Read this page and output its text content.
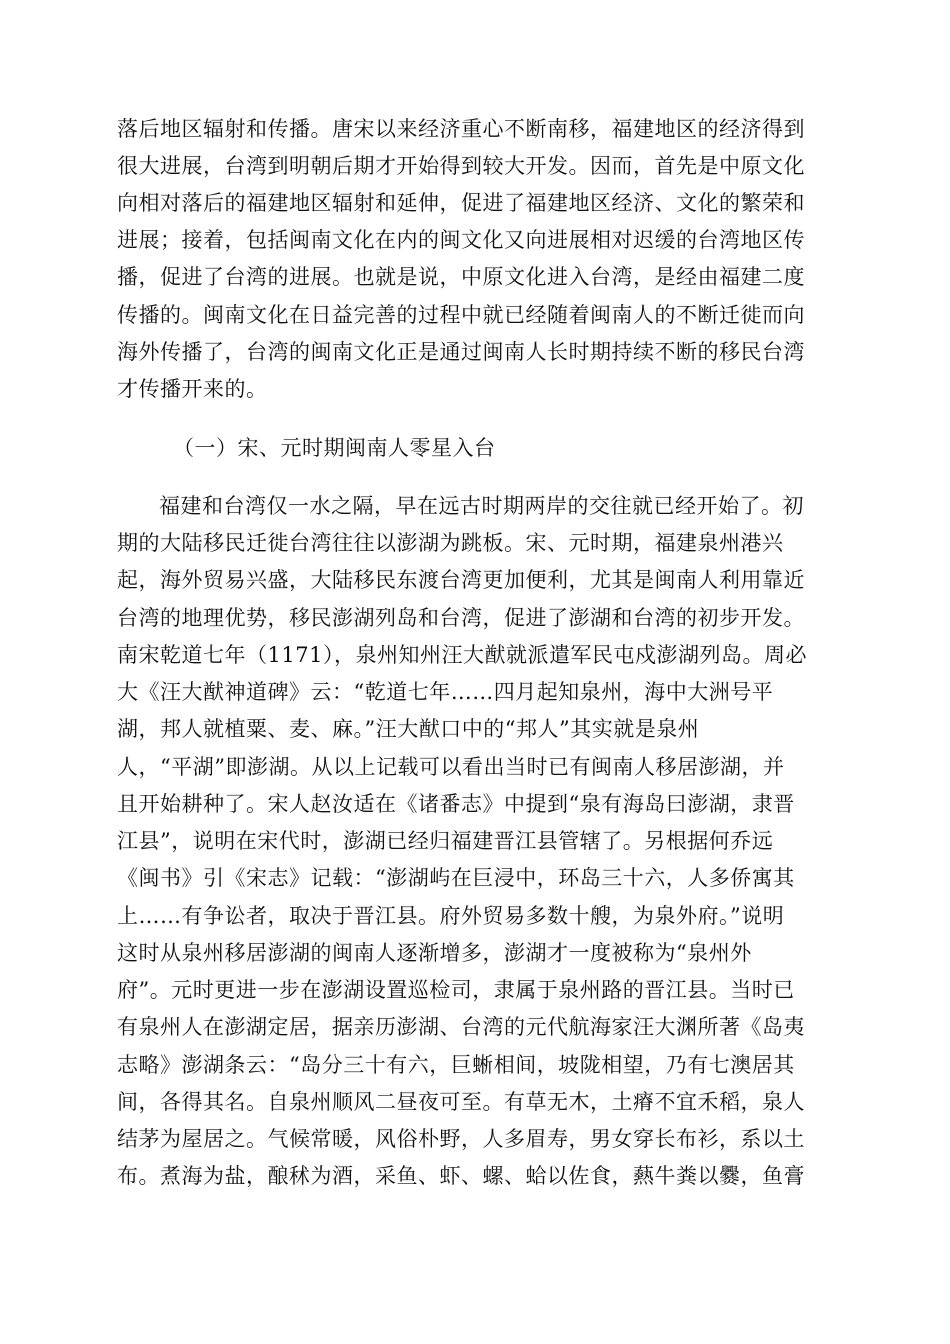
落后地区辐射和传播。唐宋以来经济重心不断南移，福建地区的经济得到
很大进展，台湾到明朝后期才开始得到较大开发。因而，首先是中原文化
向相对落后的福建地区辐射和延伸，促进了福建地区经济、文化的繁荣和
进展；接着，包括闽南文化在内的闽文化又向进展相对迟缓的台湾地区传
播，促进了台湾的进展。也就是说，中原文化进入台湾，是经由福建二度
传播的。闽南文化在日益完善的过程中就已经随着闽南人的不断迁徙而向
海外传播了，台湾的闽南文化正是通过闽南人长时期持续不断的移民台湾
才传播开来的。
（一）宋、元时期闽南人零星入台
福建和台湾仅一水之隔，早在远古时期两岸的交往就已经开始了。初
期的大陆移民迁徙台湾往往以澎湖为跳板。宋、元时期，福建泉州港兴
起，海外贸易兴盛，大陆移民东渡台湾更加便利，尤其是闽南人利用靠近
台湾的地理优势，移民澎湖列岛和台湾，促进了澎湖和台湾的初步开发。
南宋乾道七年（1171），泉州知州汪大猷就派遣军民屯戍澎湖列岛。周必
大《汪大猷神道碑》云：“乾道七年……四月起知泉州，海中大洲号平
湖，邦人就植粟、麦、麻。”汪大猷口中的“邦人”其实就是泉州
人，“平湖”即澎湖。从以上记载可以看出当时已有闽南人移居澎湖，并
且开始耕种了。宋人赵汝适在《诸番志》中提到“泉有海岛曰澎湖，隶晋
江县”，说明在宋代时，澎湖已经归福建晋江县管辖了。另根据何乔远
《闽书》引《宋志》记载：“澎湖屿在巨浸中，环岛三十六，人多侨寓其
上……有争讼者，取决于晋江县。府外贸易多数十艘，为泉外府。”说明
这时从泉州移居澎湖的闽南人逐渐增多，澎湖才一度被称为“泉州外
府”。元时更进一步在澎湖设置巡检司，隶属于泉州路的晋江县。当时已
有泉州人在澎湖定居，据亲历澎湖、台湾的元代航海家汪大渊所著《岛夷
志略》澎湖条云：“岛分三十有六，巨蜥相间，坡陇相望，乃有七澳居其
间，各得其名。自泉州顺风二昼夜可至。有草无木，土瘠不宜禾稻，泉人
结茅为屋居之。气候常暖，风俗朴野，人多眉寿，男女穿长布衫，系以土
布。煮海为盐，酿秫为酒，采鱼、虾、螺、蛤以佐食，爇牛粪以爨，鱼膏
